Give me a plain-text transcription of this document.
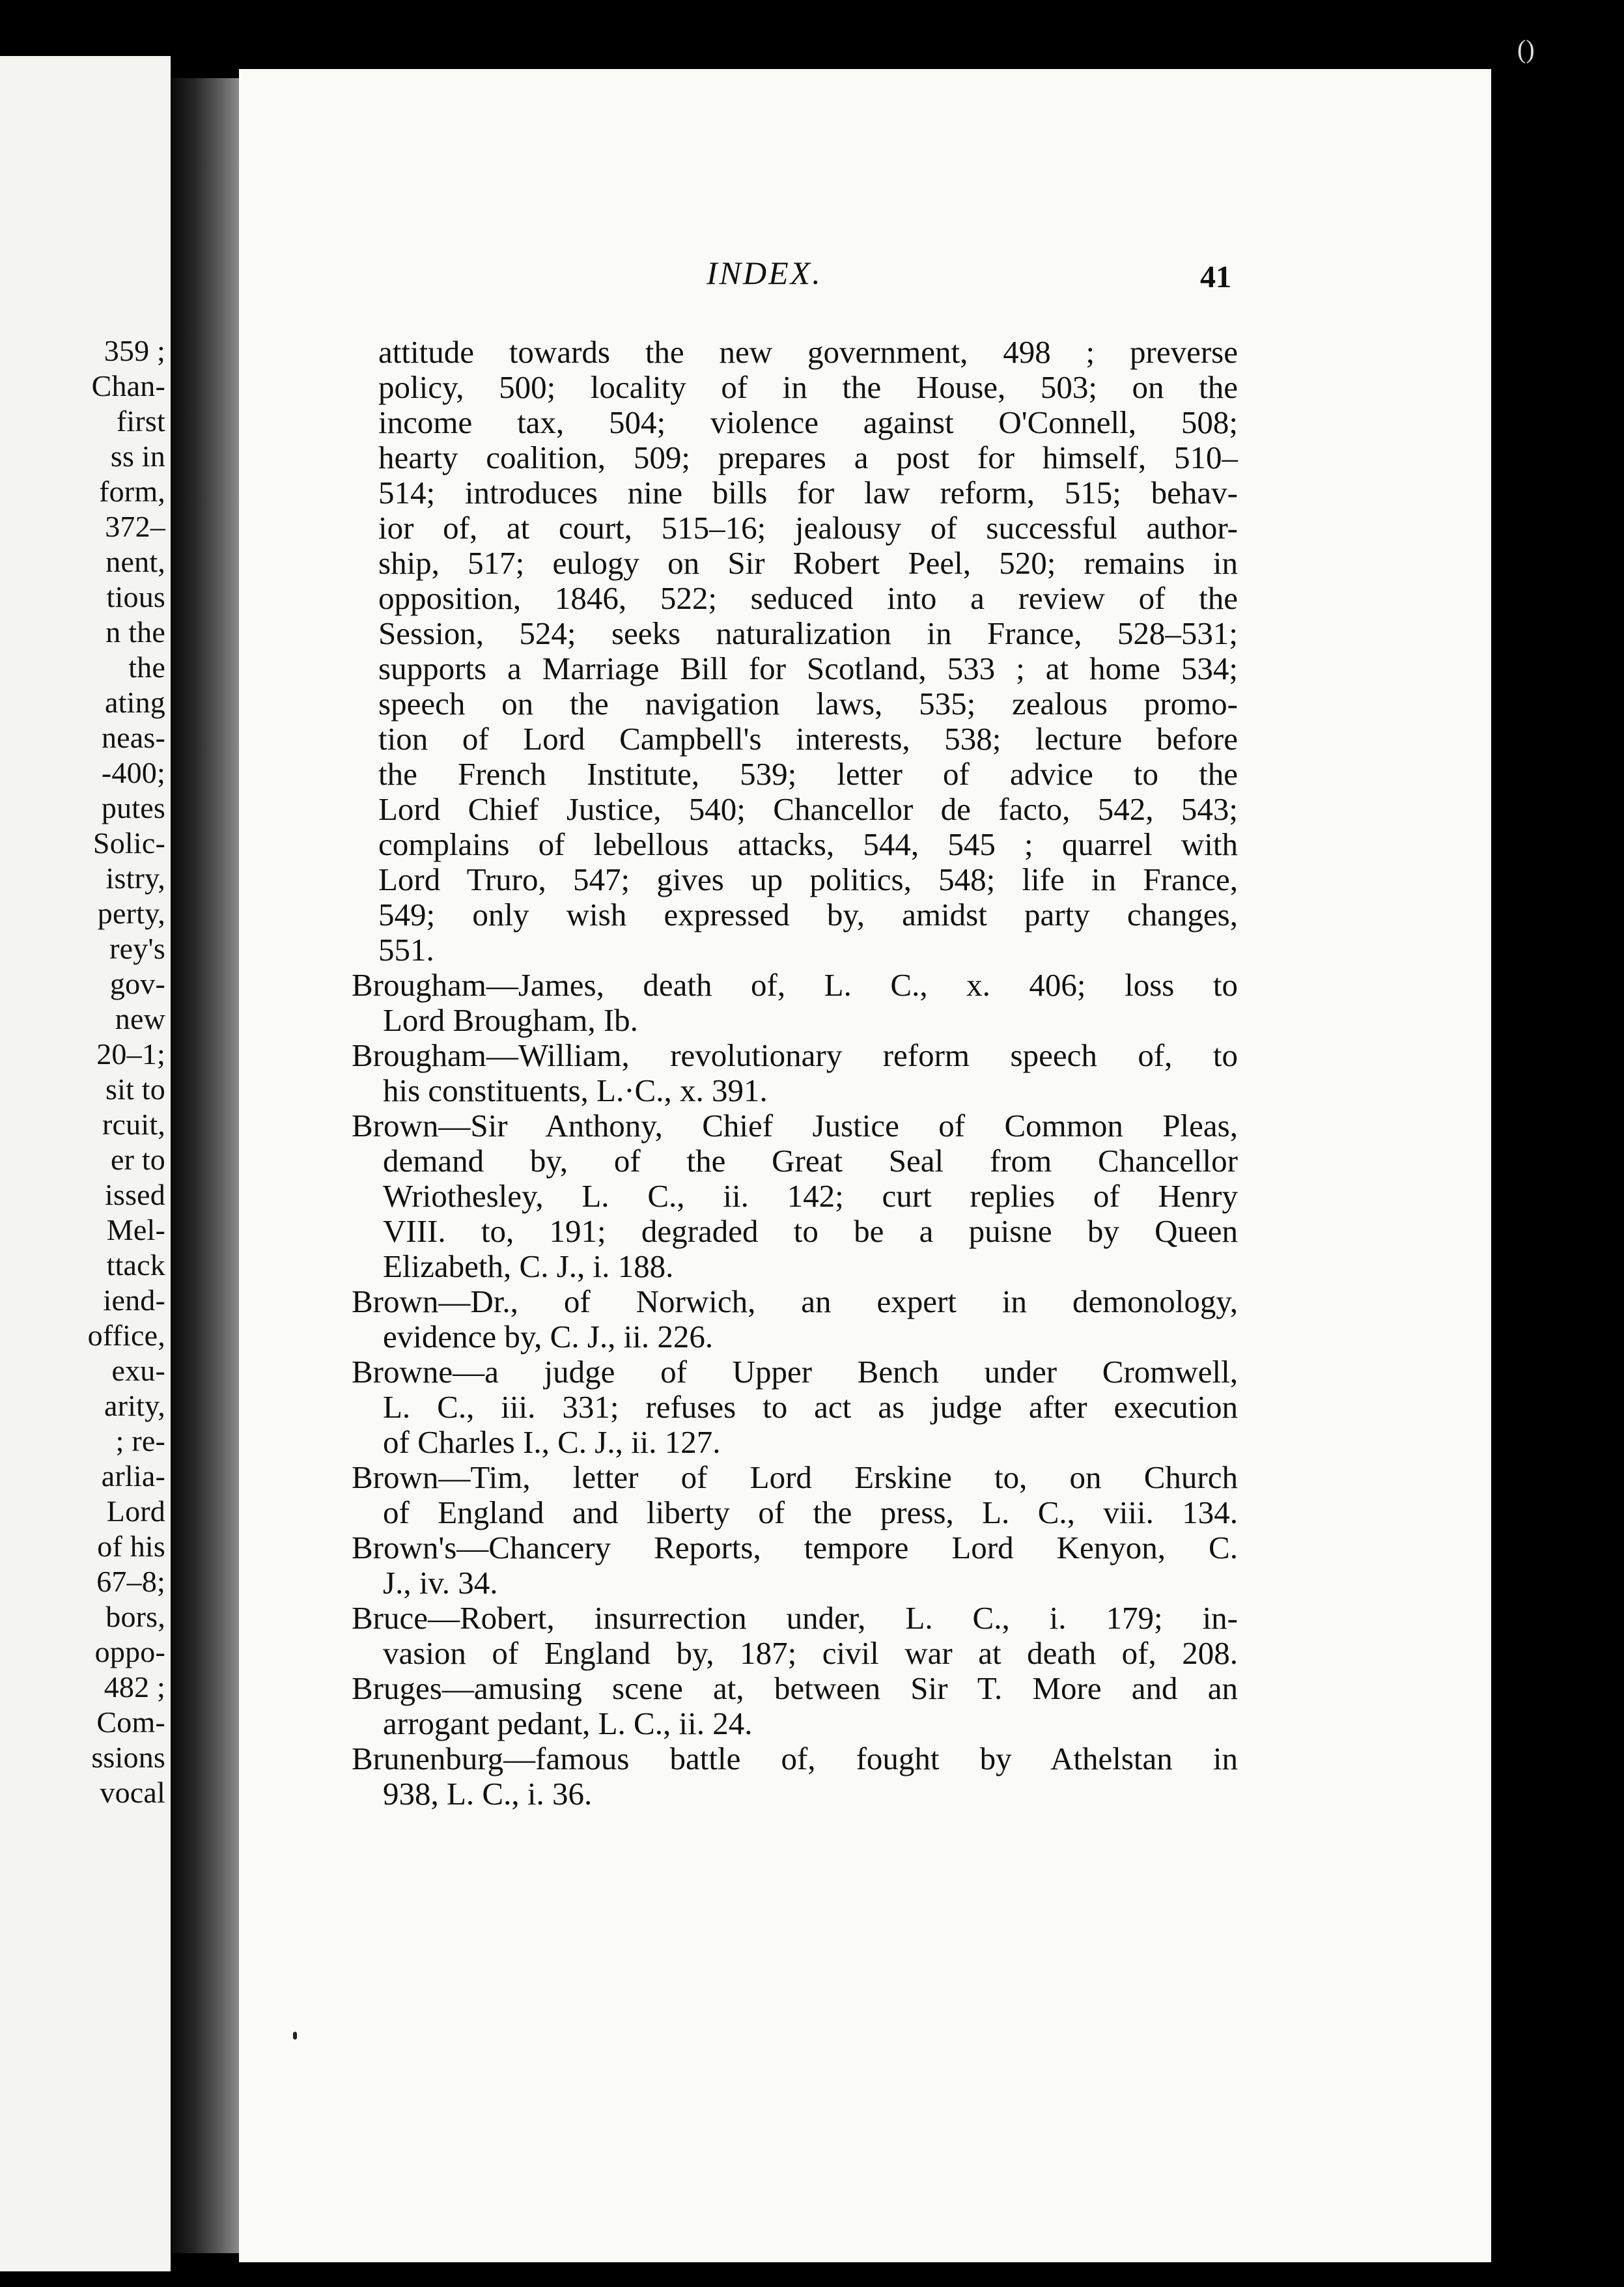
359 ;
Chan-
first
ss in
form,
372–
nent,
tious
n the
the
ating
neas-
-400;
putes
Solic-
istry,
perty,
rey's
gov-
new
20–1;
sit to
rcuit,
er to
issed
Mel-
ttack
iend-
office,
exu-
arity,
; re-
arlia-
Lord
of his
67–8;
bors,
oppo-
482 ;
Com-
ssions
vocal
()
INDEX.	41
attitude towards the new government, 498 ; preverse
policy, 500; locality of in the House, 503; on the
income tax, 504; violence against O'Connell, 508;
hearty coalition, 509; prepares a post for himself, 510–
514; introduces nine bills for law reform, 515; behav-
ior of, at court, 515–16; jealousy of successful author-
ship, 517; eulogy on Sir Robert Peel, 520; remains in
opposition, 1846, 522; seduced into a review of the
Session, 524; seeks naturalization in France, 528–531;
supports a Marriage Bill for Scotland, 533 ; at home 534;
speech on the navigation laws, 535; zealous promo-
tion of Lord Campbell's interests, 538; lecture before
the French Institute, 539; letter of advice to the
Lord Chief Justice, 540; Chancellor de facto, 542, 543;
complains of lebellous attacks, 544, 545 ; quarrel with
Lord Truro, 547; gives up politics, 548; life in France,
549; only wish expressed by, amidst party changes,
551.
Brougham—James, death of, L. C., x. 406; loss to
Lord Brougham, Ib.
Brougham—William, revolutionary reform speech of, to
his constituents, L.·C., x. 391.
Brown—Sir Anthony, Chief Justice of Common Pleas,
demand by, of the Great Seal from Chancellor
Wriothesley, L. C., ii. 142; curt replies of Henry
VIII. to, 191; degraded to be a puisne by Queen
Elizabeth, C. J., i. 188.
Brown—Dr., of Norwich, an expert in demonology,
evidence by, C. J., ii. 226.
Browne—a judge of Upper Bench under Cromwell,
L. C., iii. 331; refuses to act as judge after execution
of Charles I., C. J., ii. 127.
Brown—Tim, letter of Lord Erskine to, on Church
of England and liberty of the press, L. C., viii. 134.
Brown's—Chancery Reports, tempore Lord Kenyon, C.
J., iv. 34.
Bruce—Robert, insurrection under, L. C., i. 179; in-
vasion of England by, 187; civil war at death of, 208.
Bruges—amusing scene at, between Sir T. More and an
arrogant pedant, L. C., ii. 24.
Brunenburg—famous battle of, fought by Athelstan in
938, L. C., i. 36.
